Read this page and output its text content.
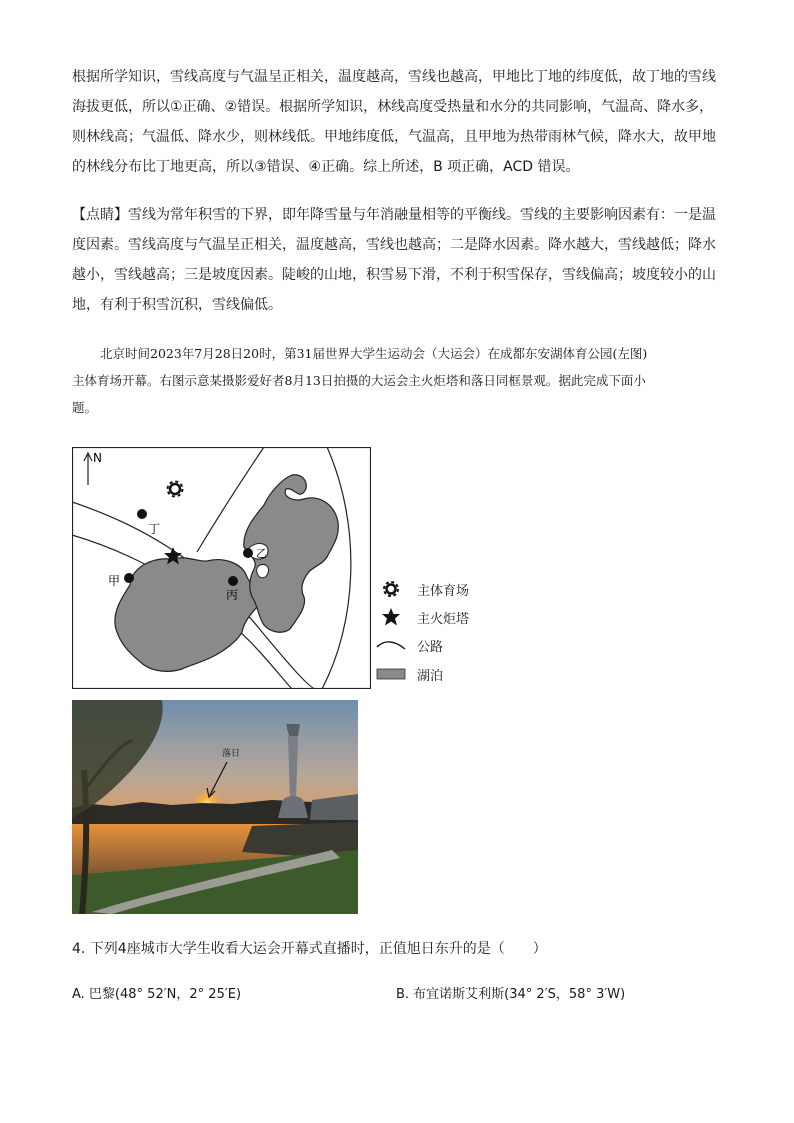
根据所学知识，雪线高度与气温呈正相关，温度越高，雪线也越高，甲地比丁地的纬度低，故丁地的雪线
海拔更低，所以①正确、②错误。根据所学知识，林线高度受热量和水分的共同影响，气温高、降水多，
则林线高；气温低、降水少，则林线低。甲地纬度低，气温高，且甲地为热带雨林气候，降水大，故甲地
的林线分布比丁地更高，所以③错误、④正确。综上所述，B 项正确，ACD 错误。
【点睛】雪线为常年积雪的下界，即年降雪量与年消融量相等的平衡线。雪线的主要影响因素有：一是温
度因素。雪线高度与气温呈正相关，温度越高，雪线也越高；二是降水因素。降水越大，雪线越低；降水
越小，雪线越高；三是坡度因素。陡峻的山地，积雪易下滑，不利于积雪保存，雪线偏高；坡度较小的山
地，有利于积雪沉积，雪线偏低。
北京时间2023年7月28日20时，第31届世界大学生运动会（大运会）在成都东安湖体育公园(左图)
主体育场开幕。右图示意某摄影爱好者8月13日拍摄的大运会主火炬塔和落日同框景观。据此完成下面小
题。
N
丁
甲
乙
丙	主体育场
主火炬塔
公路
湖泊
落日
4. 下列4座城市大学生收看大运会开幕式直播时，正值旭日东升的是（　　）
A. 巴黎(48° 52′N，2° 25′E)	B. 布宜诺斯艾利斯(34° 2′S，58° 3′W)
